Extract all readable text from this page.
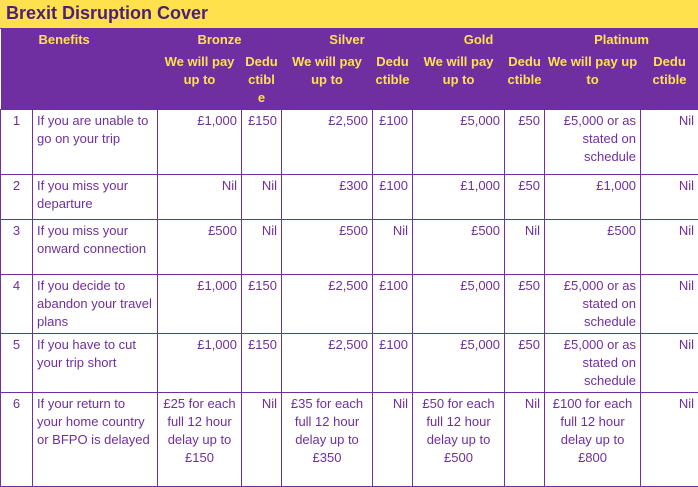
Brexit Disruption Cover
	Benefits	Bronze		Silver		Gold		Platinum	
		We will pay up to	Dedu ctibl e	We will pay up to	Dedu ctible	We will pay up to	Dedu ctible	We will pay up to	Dedu ctible
1	If you are unable to go on your trip	£1,000	£150	£2,500	£100	£5,000	£50	£5,000 or as stated on schedule	Nil
2	If you miss your departure	Nil	Nil	£300	£100	£1,000	£50	£1,000	Nil
3	If you miss your onward connection	£500	Nil	£500	Nil	£500	Nil	£500	Nil
4	If you decide to abandon your travel plans	£1,000	£150	£2,500	£100	£5,000	£50	£5,000 or as stated on schedule	Nil
5	If you have to cut your trip short	£1,000	£150	£2,500	£100	£5,000	£50	£5,000 or as stated on schedule	Nil
6	If your return to your home country or BFPO is delayed	£25 for each full 12 hour delay up to £150	Nil	£35 for each full 12 hour delay up to £350	Nil	£50 for each full 12 hour delay up to £500	Nil	£100 for each full 12 hour delay up to £800	Nil
